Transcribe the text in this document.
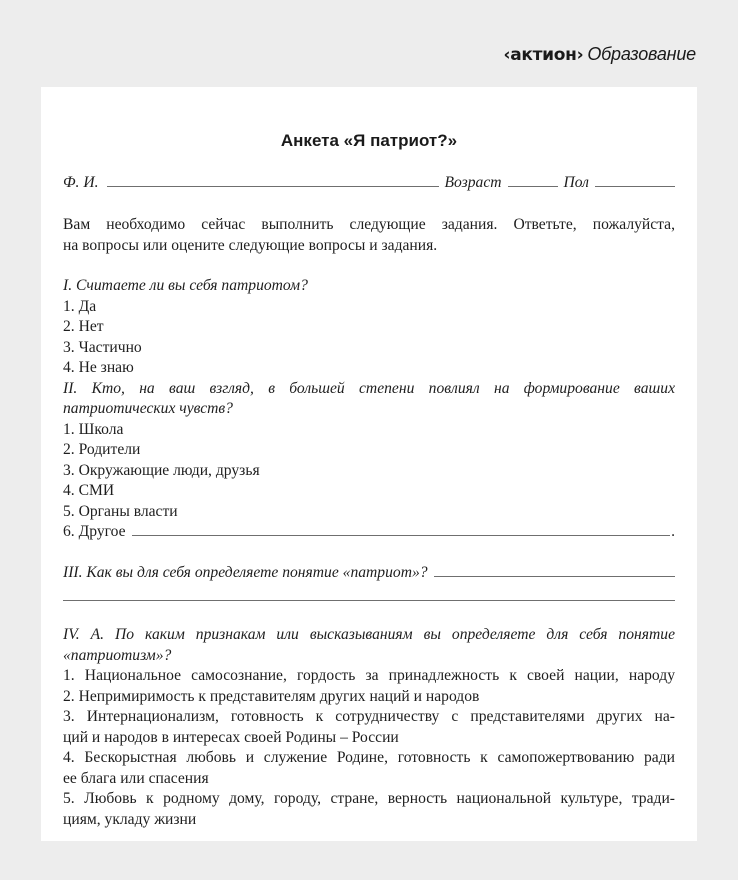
‹актион› Образование
Анкета «Я патриот?»
Ф. И.	Возраст	Пол
Вам необходимо сейчас выполнить следующие задания. Ответьте, пожалуйста,
на вопросы или оцените следующие вопросы и задания.
I. Считаете ли вы себя патриотом?
1. Да
2. Нет
3. Частично
4. Не знаю
II. Кто, на ваш взгляд, в большей степени повлиял на формирование ваших
патриотических чувств?
1. Школа
2. Родители
3. Окружающие люди, друзья
4. СМИ
5. Органы власти
6. Другое	.
III. Как вы для себя определяете понятие «патриот»?
IV. А. По каким признакам или высказываниям вы определяете для себя понятие
«патриотизм»?
1. Национальное самосознание, гордость за принадлежность к своей нации, народу
2. Непримиримость к представителям других наций и народов
3. Интернационализм, готовность к сотрудничеству с представителями других на-
ций и народов в интересах своей Родины – России
4. Бескорыстная любовь и служение Родине, готовность к самопожертвованию ради
ее блага или спасения
5. Любовь к родному дому, городу, стране, верность национальной культуре, тради-
циям, укладу жизни
